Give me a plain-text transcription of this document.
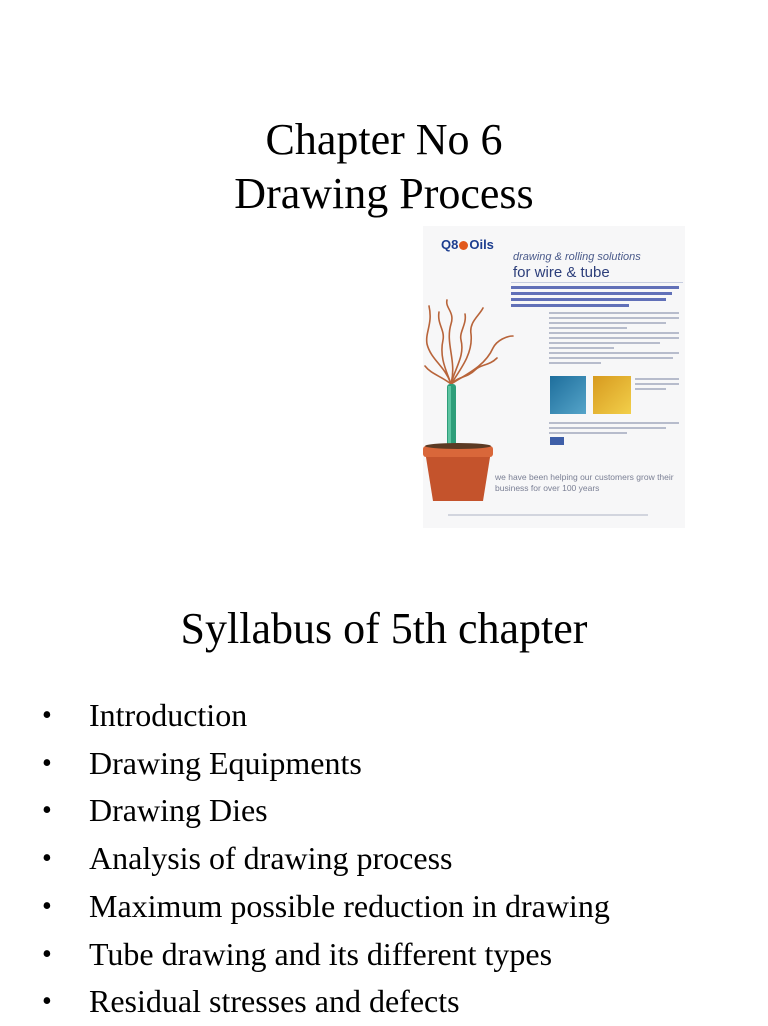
Chapter No 6
Drawing Process
Q8 Oils
drawing & rolling solutions
for wire & tube
we have been helping our customers grow their business for over 100 years
Syllabus of 5th chapter
• Introduction
• Drawing Equipments
• Drawing Dies
• Analysis of drawing process
• Maximum possible reduction in drawing
• Tube drawing and its different types
• Residual stresses and defects
